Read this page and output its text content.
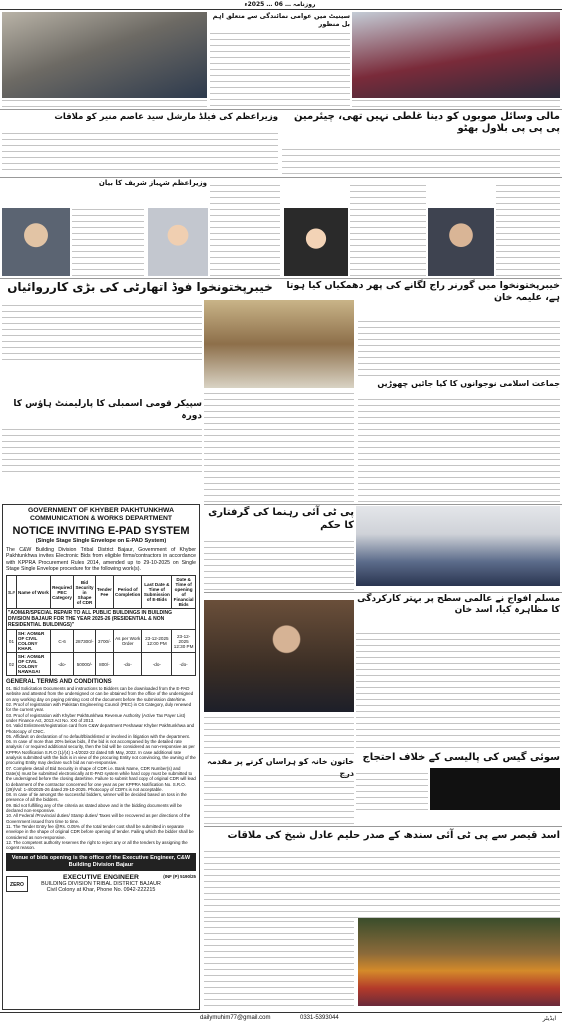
روزنامہ … 06 … 2025ء
سینیٹ میں عوامی نمائندگی سے متعلق اہم بل منظور
مالی وسائل صوبوں کو دینا غلطی نہیں تھی، چیئرمین پی پی پی بلاول بھٹو
وزیراعظم کی فیلڈ مارشل سید عاصم منیر کو ملاقات
وزیراعظم شہباز شریف کا بیان
خیبرپختونخوا فوڈ اتھارٹی کی بڑی کارروائیاں	خیبرپختونخوا میں گورنر راج لگانے کی پھر دھمکیاں کیا ہوتا ہے، علیمہ خان
سپیکر قومی اسمبلی کا پارلیمنٹ ہاؤس کا دورہ
جماعت اسلامی نوجوانوں کا کیا جائیں چھوڑیں
پی ٹی آئی رہنما کی گرفتاری کا حکم
مسلم افواج نے عالمی سطح پر بہتر کارکردگی کا مظاہرہ کیا، اسد خان
سوئی گیس کی پالیسی کے خلاف احتجاج
خاتون خانہ کو ہراساں کرنے پر مقدمہ درج
اسد قیصر سے پی ٹی آئی سندھ کے صدر حلیم عادل شیخ کی ملاقات
GOVERNMENT OF KHYBER PAKHTUNKHWA
COMMUNICATION & WORKS DEPARTMENT
NOTICE INVITING E-PAD SYSTEM
(Single Stage Single Envelope on E-PAD System)
The C&W Building Division Tribal District Bajaur, Government of Khyber Pakhtunkhwa invites Electronic Bids from eligible firms/contractors in accordance with KPPRA Procurement Rules 2014, amended up to 29-10-2025 on Single Stage Single Envelope procedure for the following work(s).
S.#	Name of Work	Required PEC Category	Bid Security in Shape of CDR	Tender Fee	Period of Completion	Last Date & Time of Submission of E-Bids	Date & Time of opening of Financial Bids
"AOM&R/SPECIAL REPAIR TO ALL PUBLIC BUILDINGS IN BUILDING DIVISION BAJAUR FOR THE YEAR 2025-26 (RESIDENTIAL & NON RESIDENTIAL BUILDINGS)"							
01	SH: AOM&R OF CIVIL COLONY KHAR.	C-6	287300/-	3700/-	As per Work Order	23-12-2025 12:00 PM	23-12-2025 12:30 PM
02	SH: AOM&R OF CIVIL COLONY NAWAGAI	-do-	50000/-	800/-	-do-	-do-	-do-
GENERAL TERMS AND CONDITIONS
01. Bid Solicitation Documents and instructions to Bidders can be downloaded from the E-PAD website and attested from the undersigned or can be obtained from the office of the undersigned on any working day on paying printing cost of the document before the submission date/time.
02. Proof of registration with Pakistan Engineering Council (PEC) in C6 Category, duly renewed for the current year.
03. Proof of registration with Khyber Pakhtunkhwa Revenue Authority (Active Tax Payer List) under Finance Act, 2013 Act No. XXI of 2013.
04. Valid Enlistment/registration card from C&W department Peshawar Khyber Pakhtunkhwa and Photocopy of CNIC.
05. Affidavit on declaration of no default/blacklisted or involved in litigation with the department.
06. In case of more than 20% below bids, if the bid is not accompanied by the detailed rate analysis / or required additional security, then the bid will be considered as non-responsive as per KPPRA Notification S.R.O (1)/(4) 1-4/2022-22 dated 5th May, 2022. In case additional rate analysis submitted with the bids is in view of the procuring Entity not convincing, the owning of the procuring Entity may declare such bid as non-responsive.
07. Complete detail of Bid Security in shape of CDR i.e. Bank Name, CDR Number(s) and Date(s) must be submitted electronically at E-PAD system while hard copy must be submitted to the undersigned before the closing date/time. Failure to submit hard copy of original CDR will lead to debarment of the contractor concerned for one year as per KPPRA Notification No. S.R.O. (29)/Vol: 1-4/02025-26 dated 29-10-2025. Photocopy of CDR's is not acceptable.
08. In case of tie amongst the successful bidders, winner will be decided based on toss in the presence of all the bidders.
09. Bid not fulfilling any of the criteria as stated above and in the bidding documents will be declared non-responsive.
10. All Federal /Provincial duties/ Stamp duties/ Taxes will be recovered as per directions of the Government issued from time to time.
11. The Tender Entry fee @Rs. 0.05% of the total tender cost shall be submitted in separate envelope in the shape of original CDR before opening of tender. Failing which the bidder shall be considered as non-responsive.
12. The competent authority reserves the right to reject any or all the tenders by assigning the cogent reason.
Venue of bids opening is the office of the Executive Engineer, C&W Building Division Bajaur
ZERO
EXECUTIVE ENGINEER	(INF (P) 5190/25
BUILDING DIVISION TRIBAL DISTRICT BAJAUR
Civil Colony at Khar, Phone No. 0942-222215
dailymuhim77@gmail.com	0331-5393044	ایڈیٹر
